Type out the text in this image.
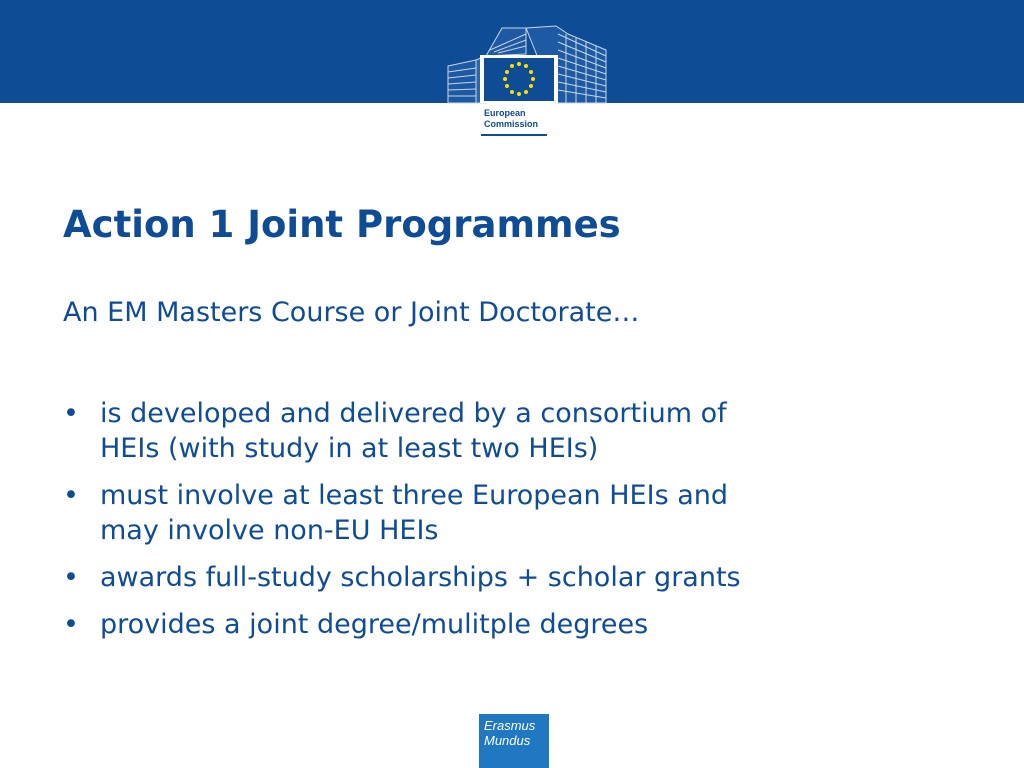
European
Commission
Action 1 Joint Programmes
An EM Masters Course or Joint Doctorate…
• is developed and delivered by a consortium of
HEIs (with study in at least two HEIs)
• must involve at least three European HEIs and
may involve non-EU HEIs
• awards full-study scholarships + scholar grants
• provides a joint degree/mulitple degrees
Erasmus
Mundus
